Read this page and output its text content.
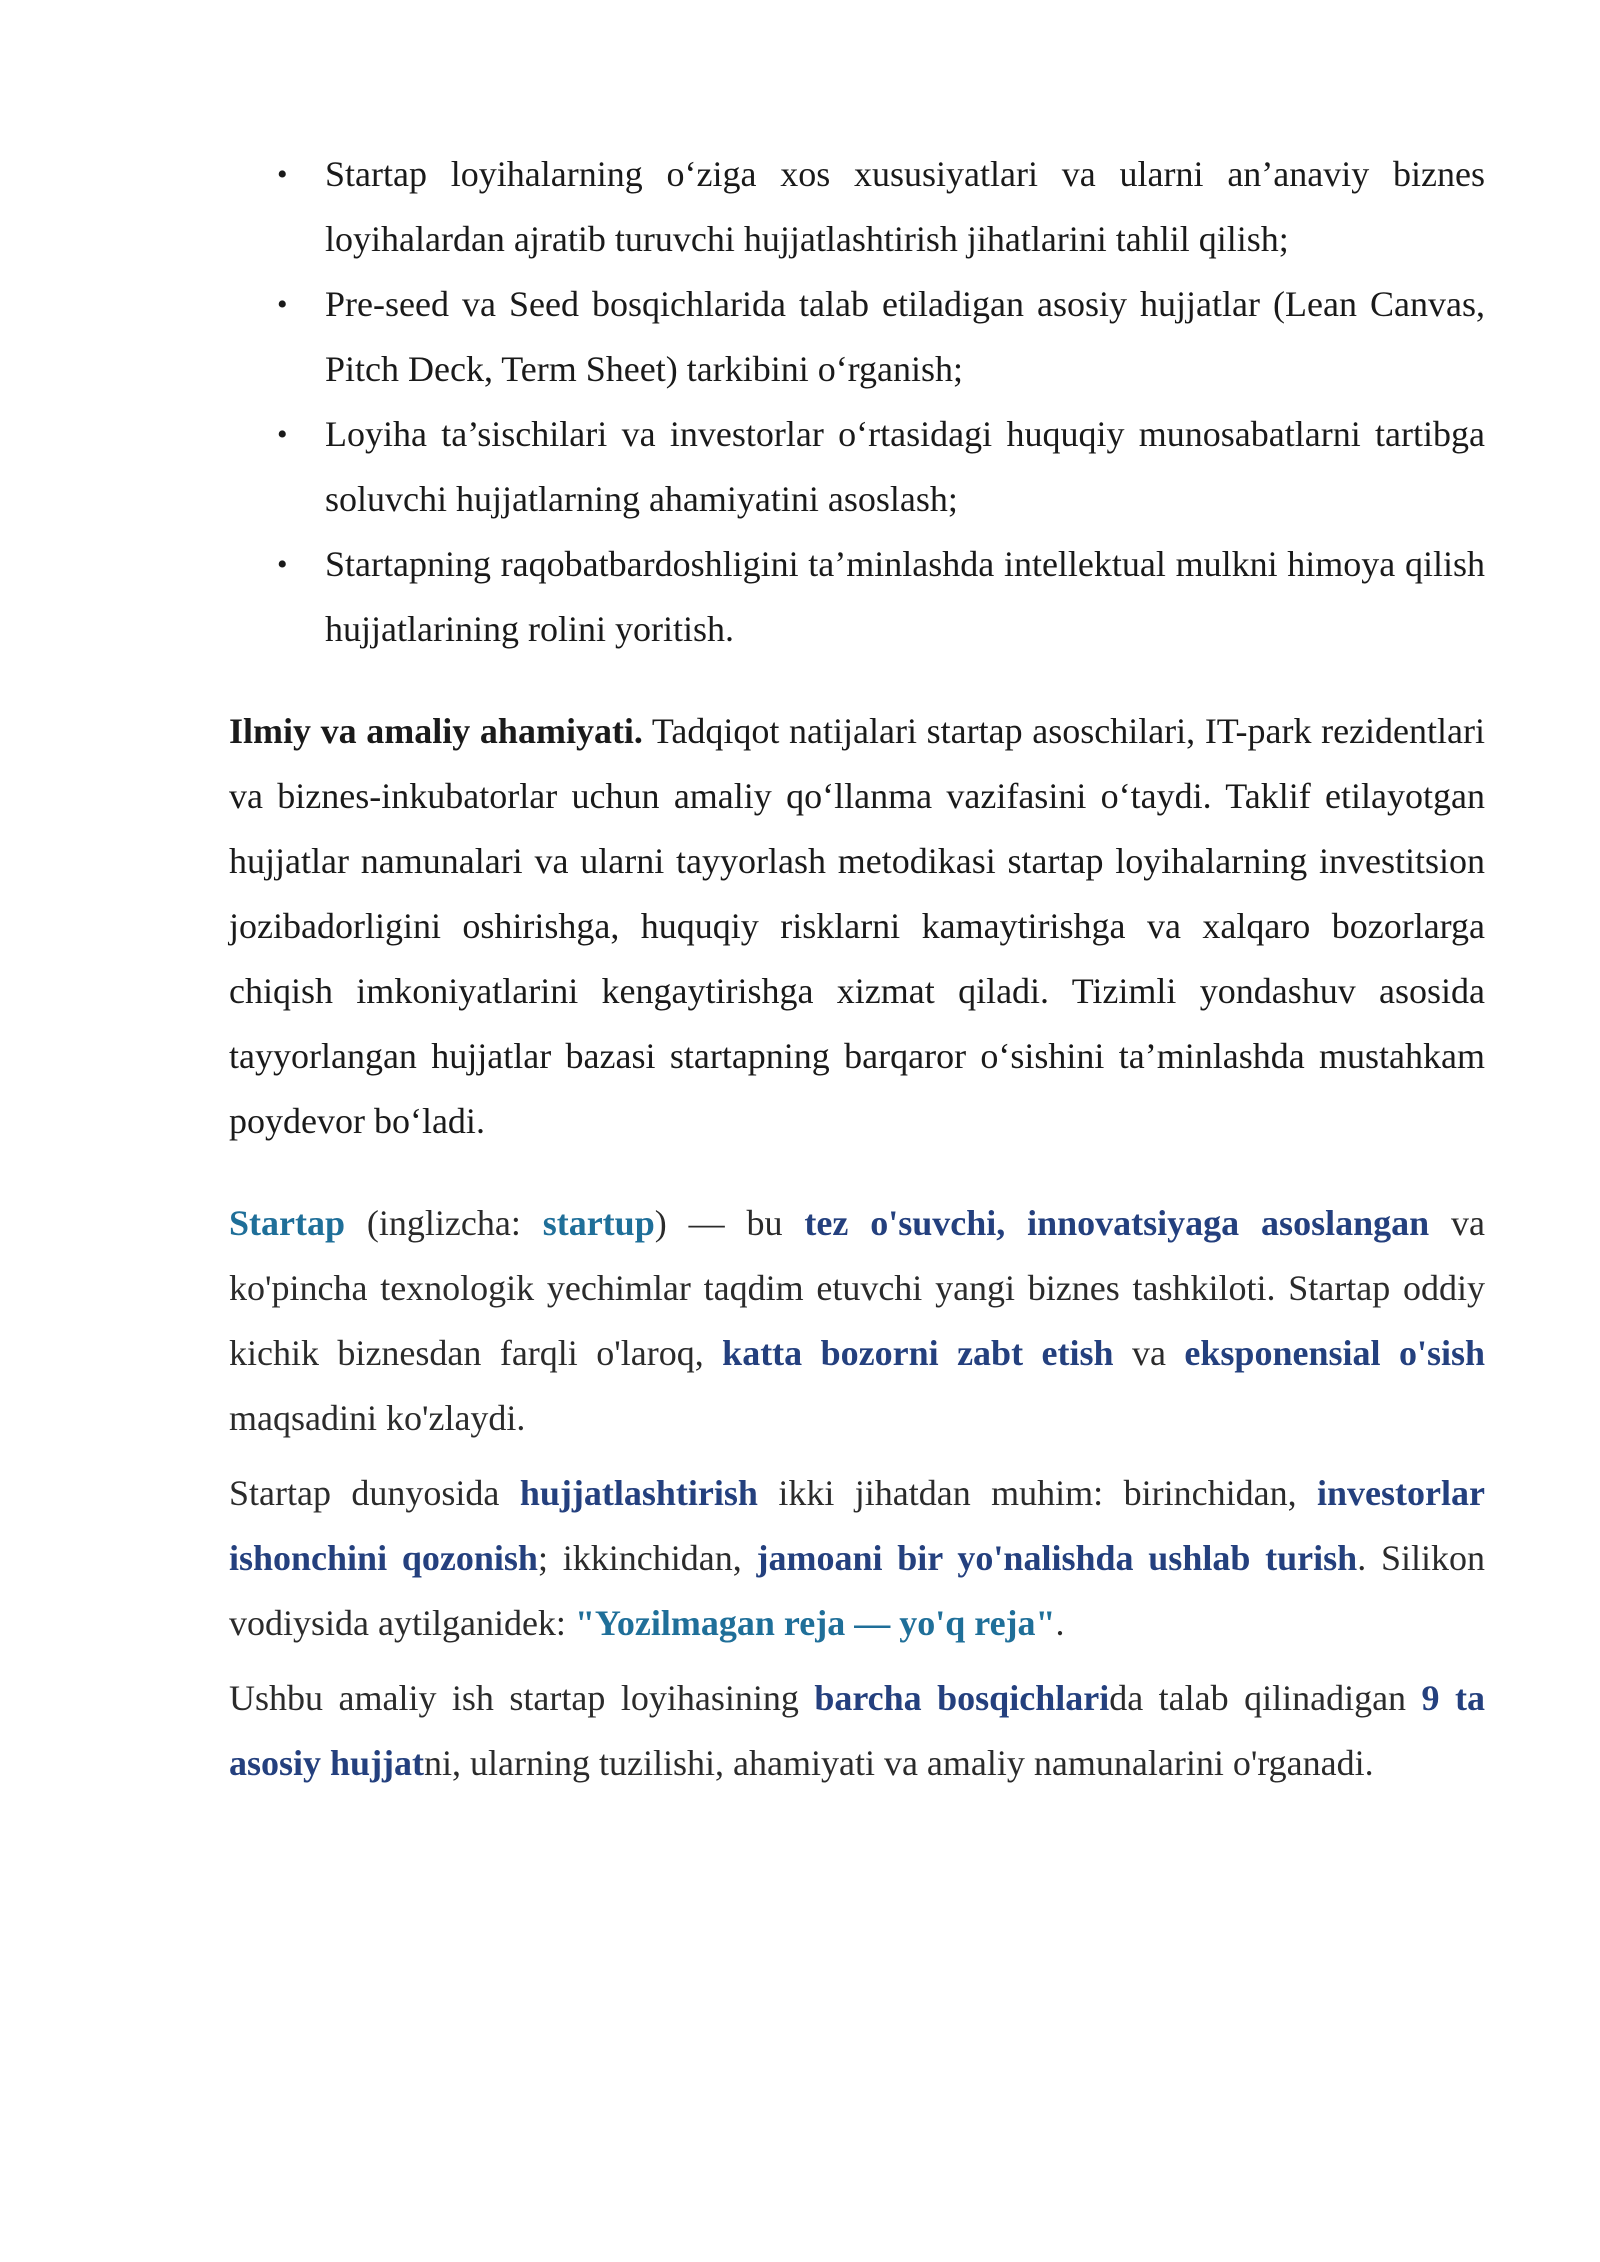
• Startap loyihalarning o‘ziga xos xususiyatlari va ularni an’anaviy biznes loyihalardan ajratib turuvchi hujjatlashtirish jihatlarini tahlil qilish;
• Pre-seed va Seed bosqichlarida talab etiladigan asosiy hujjatlar (Lean Canvas, Pitch Deck, Term Sheet) tarkibini o‘rganish;
• Loyiha ta’sischilari va investorlar o‘rtasidagi huquqiy munosabatlarni tartibga soluvchi hujjatlarning ahamiyatini asoslash;
• Startapning raqobatbardoshligini ta’minlashda intellektual mulkni himoya qilish hujjatlarining rolini yoritish.

Ilmiy va amaliy ahamiyati. Tadqiqot natijalari startap asoschilari, IT-park rezidentlari va biznes-inkubatorlar uchun amaliy qo‘llanma vazifasini o‘taydi. Taklif etilayotgan hujjatlar namunalari va ularni tayyorlash metodikasi startap loyihalarning investitsion jozibadorligini oshirishga, huquqiy risklarni kamaytirishga va xalqaro bozorlarga chiqish imkoniyatlarini kengaytirishga xizmat qiladi. Tizimli yondashuv asosida tayyorlangan hujjatlar bazasi startapning barqaror o‘sishini ta’minlashda mustahkam poydevor bo‘ladi.

Startap (inglizcha: startup) — bu tez o'suvchi, innovatsiyaga asoslangan va ko'pincha texnologik yechimlar taqdim etuvchi yangi biznes tashkiloti. Startap oddiy kichik biznesdan farqli o'laroq, katta bozorni zabt etish va eksponensial o'sish maqsadini ko'zlaydi.

Startap dunyosida hujjatlashtirish ikki jihatdan muhim: birinchidan, investorlar ishonchini qozonish; ikkinchidan, jamoani bir yo'nalishda ushlab turish. Silikon vodiysida aytilganidek: "Yozilmagan reja — yo'q reja".

Ushbu amaliy ish startap loyihasining barcha bosqichlarida talab qilinadigan 9 ta asosiy hujjatni, ularning tuzilishi, ahamiyati va amaliy namunalarini o'rganadi.
